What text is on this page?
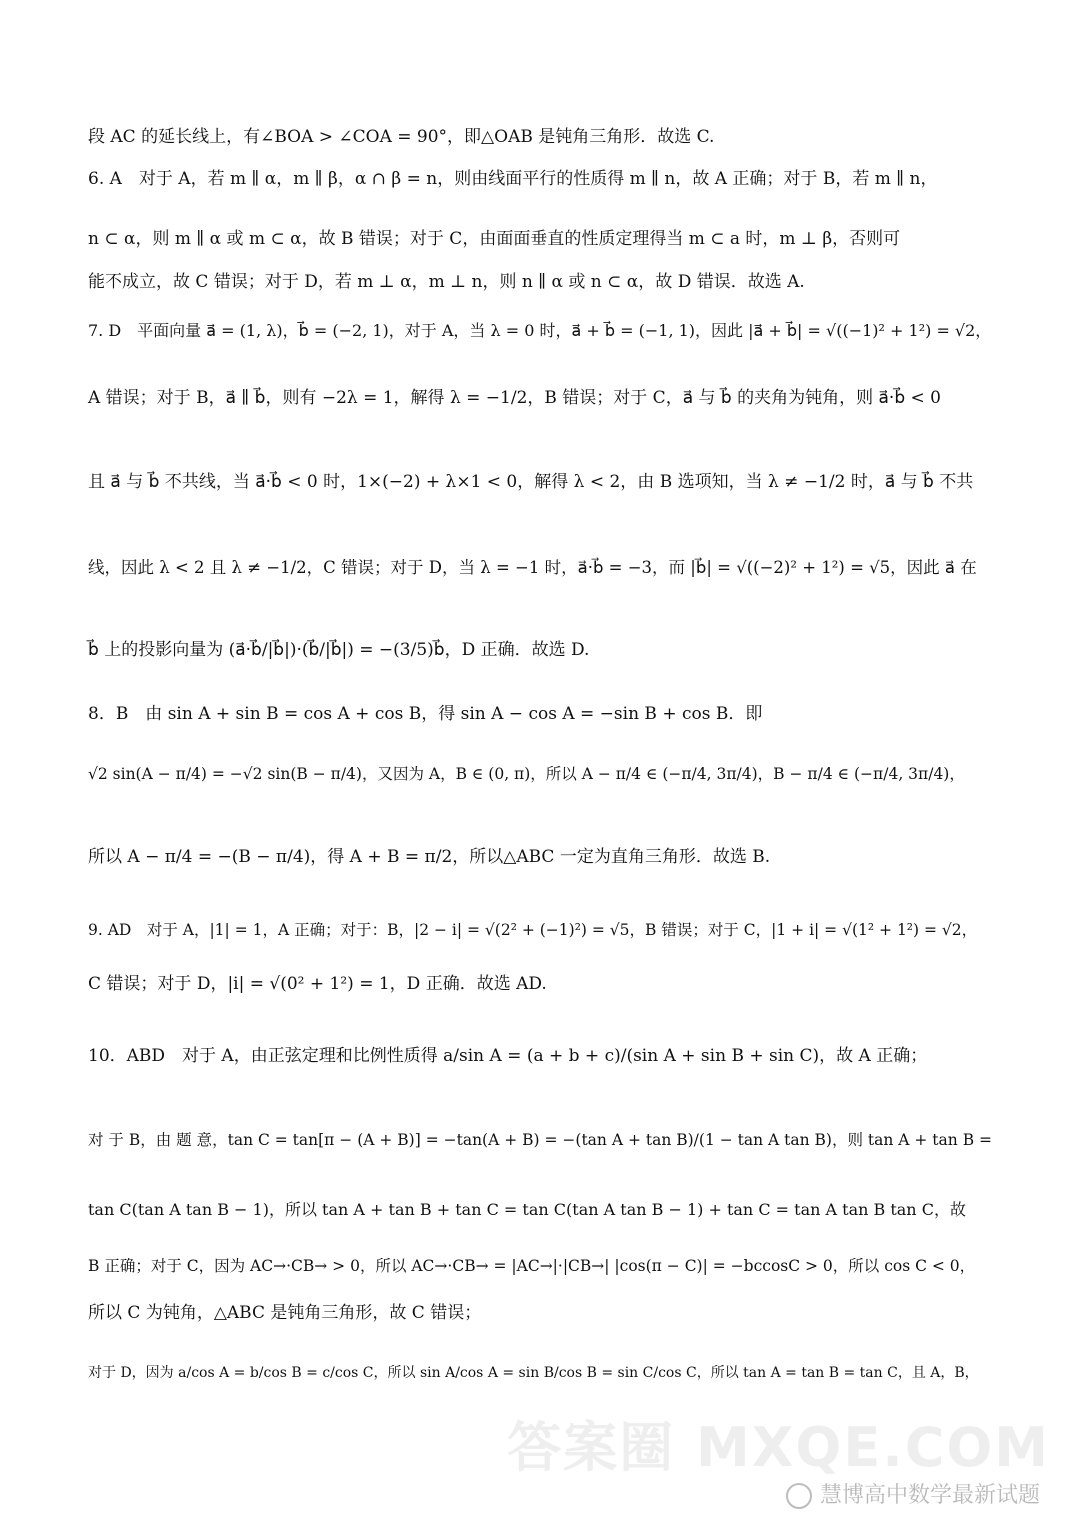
答案圈 MXQE.COM
段 AC 的延长线上，有∠BOA > ∠COA = 90°，即△OAB 是钝角三角形．故选 C.
6. A　对于 A，若 m ∥ α，m ∥ β，α ∩ β = n，则由线面平行的性质得 m ∥ n，故 A 正确；对于 B，若 m ∥ n，
n ⊂ α，则 m ∥ α 或 m ⊂ α，故 B 错误；对于 C，由面面垂直的性质定理得当 m ⊂ a 时，m ⊥ β，否则可
能不成立，故 C 错误；对于 D，若 m ⊥ α，m ⊥ n，则 n ∥ α 或 n ⊂ α，故 D 错误．故选 A.
7. D　平面向量 a⃗ = (1, λ)，b⃗ = (−2, 1)，对于 A，当 λ = 0 时，a⃗ + b⃗ = (−1, 1)，因此 |a⃗ + b⃗| = √((−1)² + 1²) = √2，
A 错误；对于 B，a⃗ ∥ b⃗，则有 −2λ = 1，解得 λ = −1/2，B 错误；对于 C，a⃗ 与 b⃗ 的夹角为钝角，则 a⃗·b⃗ < 0
且 a⃗ 与 b⃗ 不共线，当 a⃗·b⃗ < 0 时，1×(−2) + λ×1 < 0，解得 λ < 2，由 B 选项知，当 λ ≠ −1/2 时，a⃗ 与 b⃗ 不共
线，因此 λ < 2 且 λ ≠ −1/2，C 错误；对于 D，当 λ = −1 时，a⃗·b⃗ = −3，而 |b⃗| = √((−2)² + 1²) = √5，因此 a⃗ 在
b⃗ 上的投影向量为 (a⃗·b⃗/|b⃗|)·(b⃗/|b⃗|) = −(3/5)b⃗，D 正确．故选 D.
8．B　由 sin A + sin B = cos A + cos B，得 sin A − cos A = −sin B + cos B．即
√2 sin(A − π/4) = −√2 sin(B − π/4)，又因为 A，B ∈ (0, π)，所以 A − π/4 ∈ (−π/4, 3π/4)，B − π/4 ∈ (−π/4, 3π/4)，
所以 A − π/4 = −(B − π/4)，得 A + B = π/2，所以△ABC 一定为直角三角形．故选 B.
9. AD　对于 A，|1| = 1，A 正确；对于：B，|2 − i| = √(2² + (−1)²) = √5，B 错误；对于 C，|1 + i| = √(1² + 1²) = √2，
C 错误；对于 D，|i| = √(0² + 1²) = 1，D 正确．故选 AD.
10．ABD　对于 A，由正弦定理和比例性质得 a/sin A = (a + b + c)/(sin A + sin B + sin C)，故 A 正确；
对 于 B，由 题 意，tan C = tan[π − (A + B)] = −tan(A + B) = −(tan A + tan B)/(1 − tan A tan B)，则 tan A + tan B =
tan C(tan A tan B − 1)，所以 tan A + tan B + tan C = tan C(tan A tan B − 1) + tan C = tan A tan B tan C，故
B 正确；对于 C，因为 AC→·CB→ > 0，所以 AC→·CB→ = |AC→|·|CB→| |cos(π − C)| = −bccosC > 0，所以 cos C < 0，
所以 C 为钝角，△ABC 是钝角三角形，故 C 错误；
对于 D，因为 a/cos A = b/cos B = c/cos C，所以 sin A/cos A = sin B/cos B = sin C/cos C，所以 tan A = tan B = tan C，且 A，B，
慧博高中数学最新试题
